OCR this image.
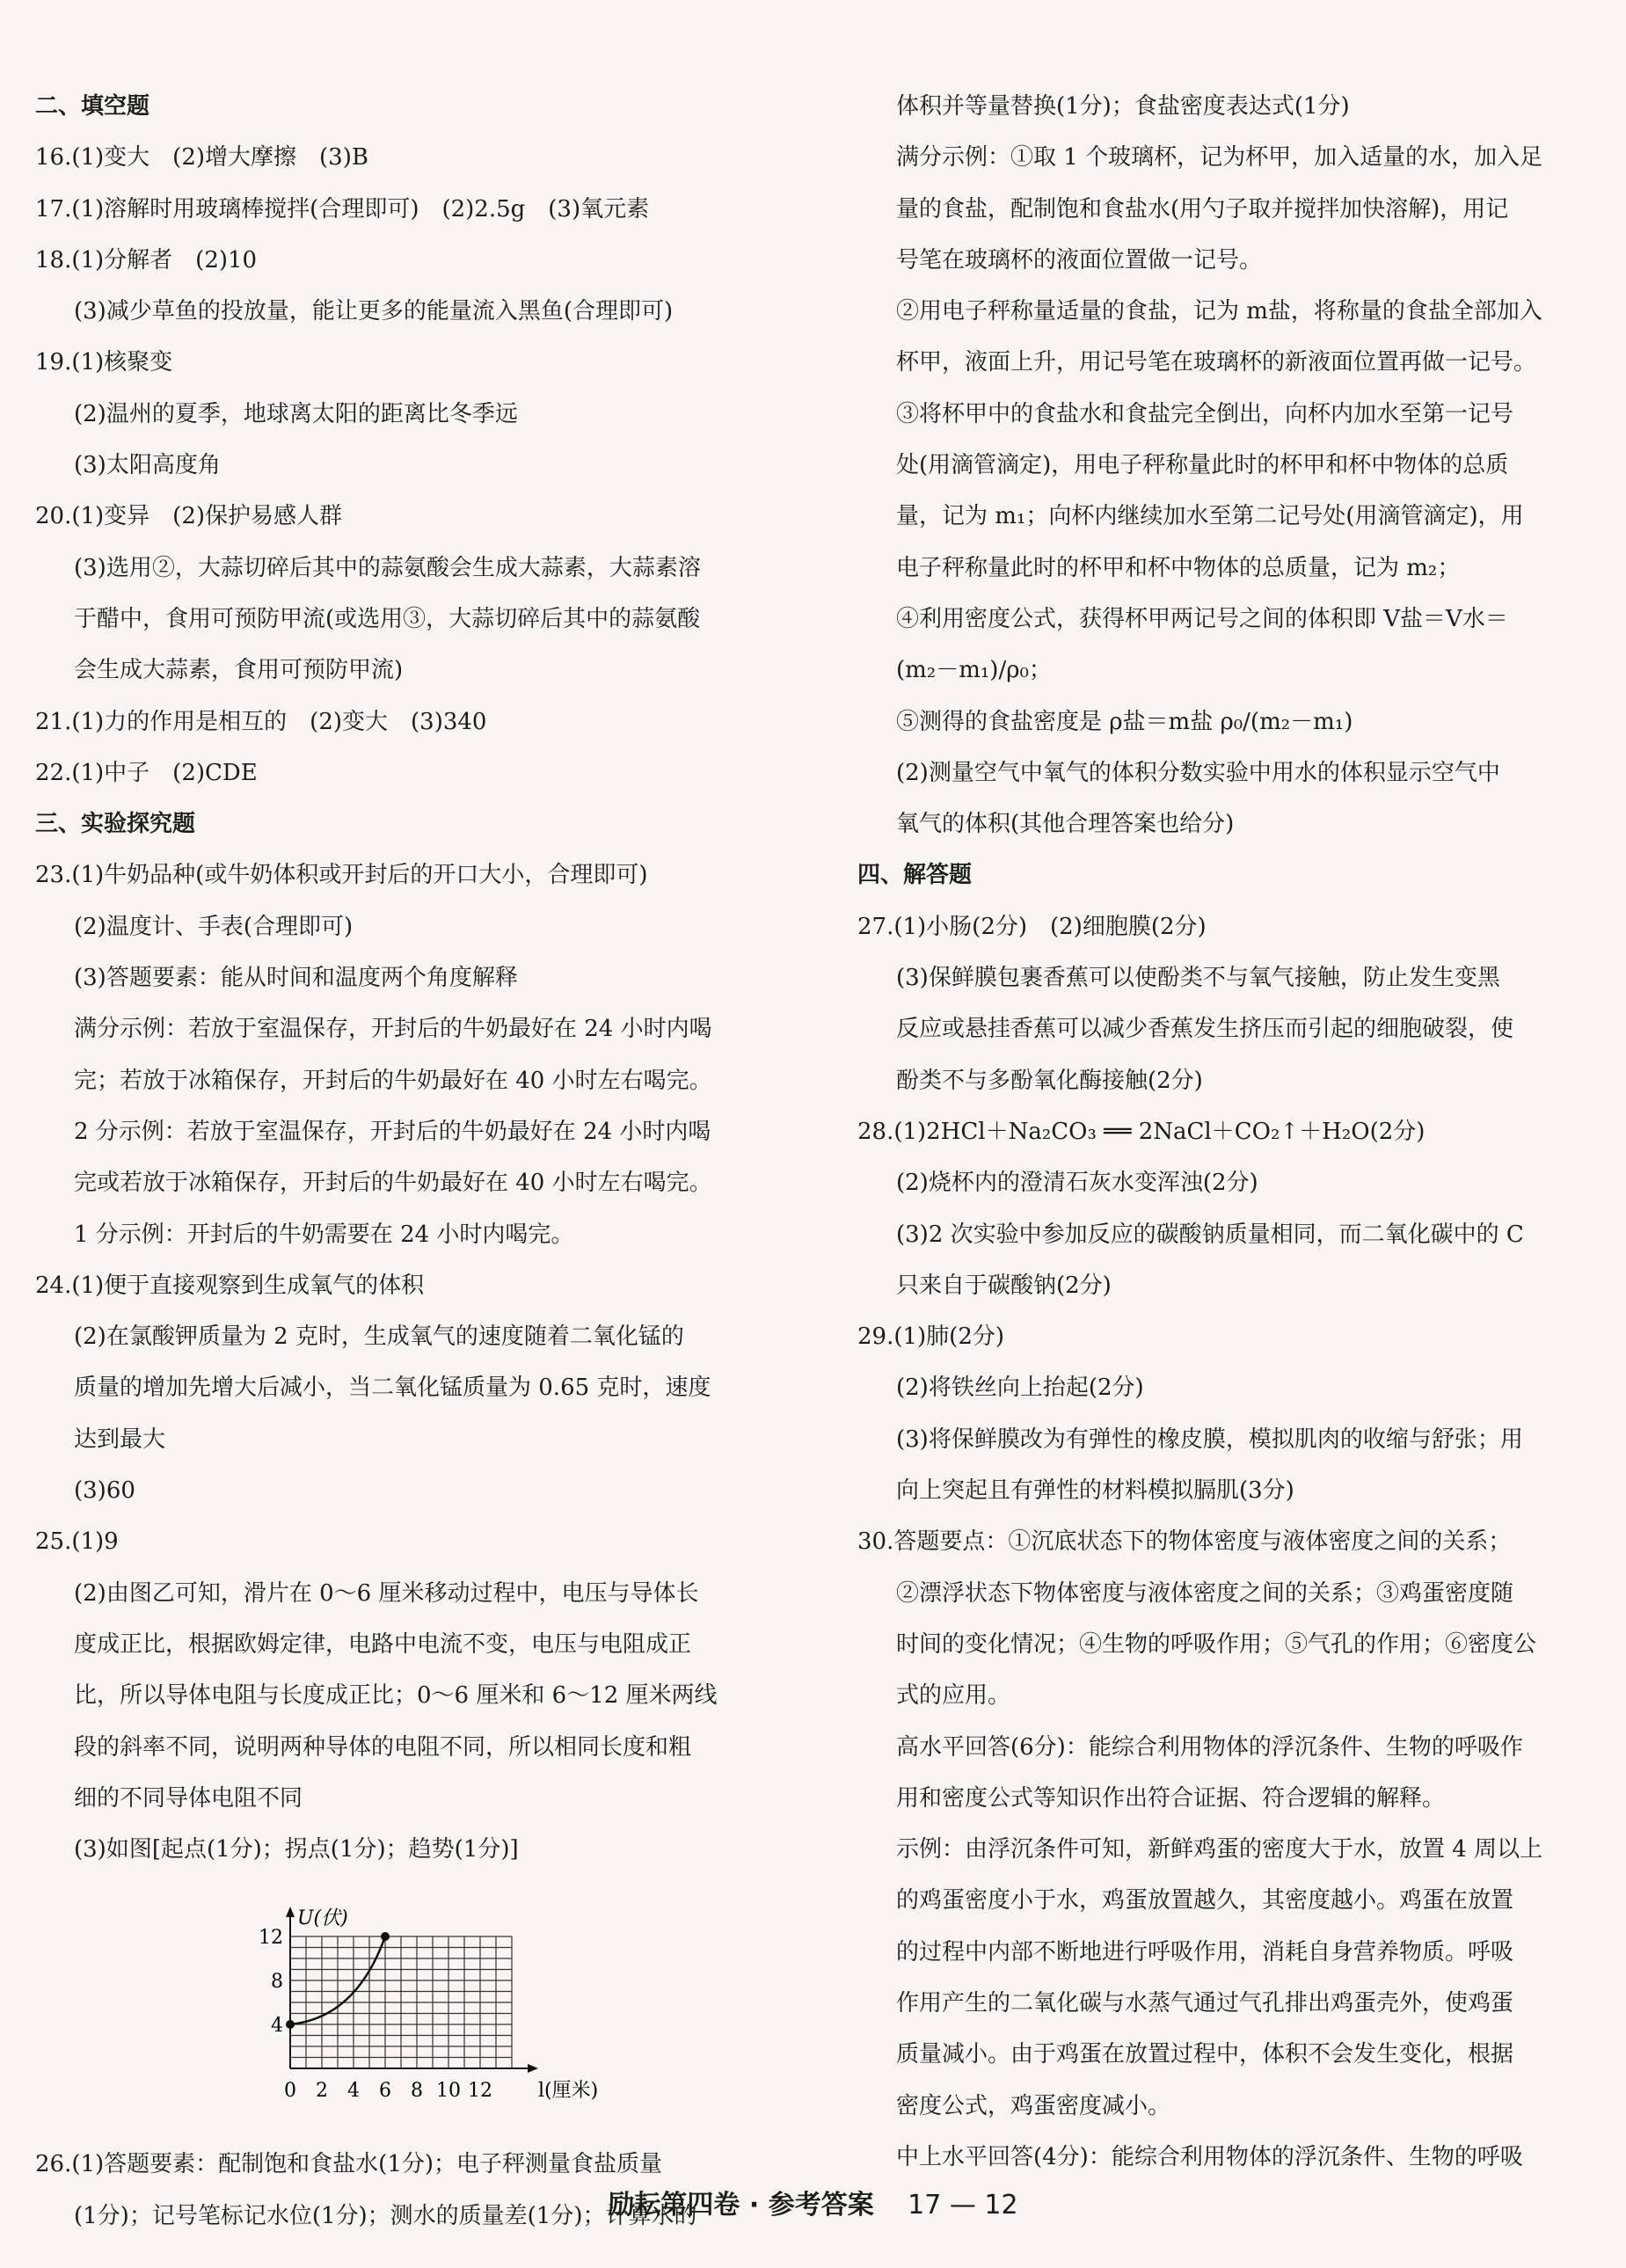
二、填空题
16.(1)变大　(2)增大摩擦　(3)B
17.(1)溶解时用玻璃棒搅拌(合理即可)　(2)2.5g　(3)氧元素
18.(1)分解者　(2)10
(3)减少草鱼的投放量，能让更多的能量流入黑鱼(合理即可)
19.(1)核聚变
(2)温州的夏季，地球离太阳的距离比冬季远
(3)太阳高度角
20.(1)变异　(2)保护易感人群
(3)选用②，大蒜切碎后其中的蒜氨酸会生成大蒜素，大蒜素溶
于醋中，食用可预防甲流(或选用③，大蒜切碎后其中的蒜氨酸
会生成大蒜素，食用可预防甲流)
21.(1)力的作用是相互的　(2)变大　(3)340
22.(1)中子　(2)CDE
三、实验探究题
23.(1)牛奶品种(或牛奶体积或开封后的开口大小，合理即可)
(2)温度计、手表(合理即可)
(3)答题要素：能从时间和温度两个角度解释
满分示例：若放于室温保存，开封后的牛奶最好在 24 小时内喝
完；若放于冰箱保存，开封后的牛奶最好在 40 小时左右喝完。
2 分示例：若放于室温保存，开封后的牛奶最好在 24 小时内喝
完或若放于冰箱保存，开封后的牛奶最好在 40 小时左右喝完。
1 分示例：开封后的牛奶需要在 24 小时内喝完。
24.(1)便于直接观察到生成氧气的体积
(2)在氯酸钾质量为 2 克时，生成氧气的速度随着二氧化锰的
质量的增加先增大后减小，当二氧化锰质量为 0.65 克时，速度
达到最大
(3)60
25.(1)9
(2)由图乙可知，滑片在 0～6 厘米移动过程中，电压与导体长
度成正比，根据欧姆定律，电路中电流不变，电压与电阻成正
比，所以导体电阻与长度成正比；0～6 厘米和 6～12 厘米两线
段的斜率不同，说明两种导体的电阻不同，所以相同长度和粗
细的不同导体电阻不同
(3)如图[起点(1分)；拐点(1分)；趋势(1分)]
4
8
12
0 2 4 6 8 10 12
U(伏)
l(厘米)
26.(1)答题要素：配制饱和食盐水(1分)；电子秤测量食盐质量
(1分)；记号笔标记水位(1分)；测水的质量差(1分)；计算水的
体积并等量替换(1分)；食盐密度表达式(1分)
满分示例：①取 1 个玻璃杯，记为杯甲，加入适量的水，加入足
量的食盐，配制饱和食盐水(用勺子取并搅拌加快溶解)，用记
号笔在玻璃杯的液面位置做一记号。
②用电子秤称量适量的食盐，记为 m盐，将称量的食盐全部加入
杯甲，液面上升，用记号笔在玻璃杯的新液面位置再做一记号。
③将杯甲中的食盐水和食盐完全倒出，向杯内加水至第一记号
处(用滴管滴定)，用电子秤称量此时的杯甲和杯中物体的总质
量，记为 m₁；向杯内继续加水至第二记号处(用滴管滴定)，用
电子秤称量此时的杯甲和杯中物体的总质量，记为 m₂；
④利用密度公式，获得杯甲两记号之间的体积即 V盐＝V水＝
(m₂－m₁)/ρ₀；
⑤测得的食盐密度是 ρ盐＝m盐 ρ₀/(m₂－m₁)
(2)测量空气中氧气的体积分数实验中用水的体积显示空气中
氧气的体积(其他合理答案也给分)
四、解答题
27.(1)小肠(2分)　(2)细胞膜(2分)
(3)保鲜膜包裹香蕉可以使酚类不与氧气接触，防止发生变黑
反应或悬挂香蕉可以减少香蕉发生挤压而引起的细胞破裂，使
酚类不与多酚氧化酶接触(2分)
28.(1)2HCl＋Na₂CO₃ ══ 2NaCl＋CO₂↑＋H₂O(2分)
(2)烧杯内的澄清石灰水变浑浊(2分)
(3)2 次实验中参加反应的碳酸钠质量相同，而二氧化碳中的 C
只来自于碳酸钠(2分)
29.(1)肺(2分)
(2)将铁丝向上抬起(2分)
(3)将保鲜膜改为有弹性的橡皮膜，模拟肌肉的收缩与舒张；用
向上突起且有弹性的材料模拟膈肌(3分)
30.答题要点：①沉底状态下的物体密度与液体密度之间的关系；
②漂浮状态下物体密度与液体密度之间的关系；③鸡蛋密度随
时间的变化情况；④生物的呼吸作用；⑤气孔的作用；⑥密度公
式的应用。
高水平回答(6分)：能综合利用物体的浮沉条件、生物的呼吸作
用和密度公式等知识作出符合证据、符合逻辑的解释。
示例：由浮沉条件可知，新鲜鸡蛋的密度大于水，放置 4 周以上
的鸡蛋密度小于水，鸡蛋放置越久，其密度越小。鸡蛋在放置
的过程中内部不断地进行呼吸作用，消耗自身营养物质。呼吸
作用产生的二氧化碳与水蒸气通过气孔排出鸡蛋壳外，使鸡蛋
质量减小。由于鸡蛋在放置过程中，体积不会发生变化，根据
密度公式，鸡蛋密度减小。
中上水平回答(4分)：能综合利用物体的浮沉条件、生物的呼吸
励耘第四卷 · 参考答案 17 — 12
